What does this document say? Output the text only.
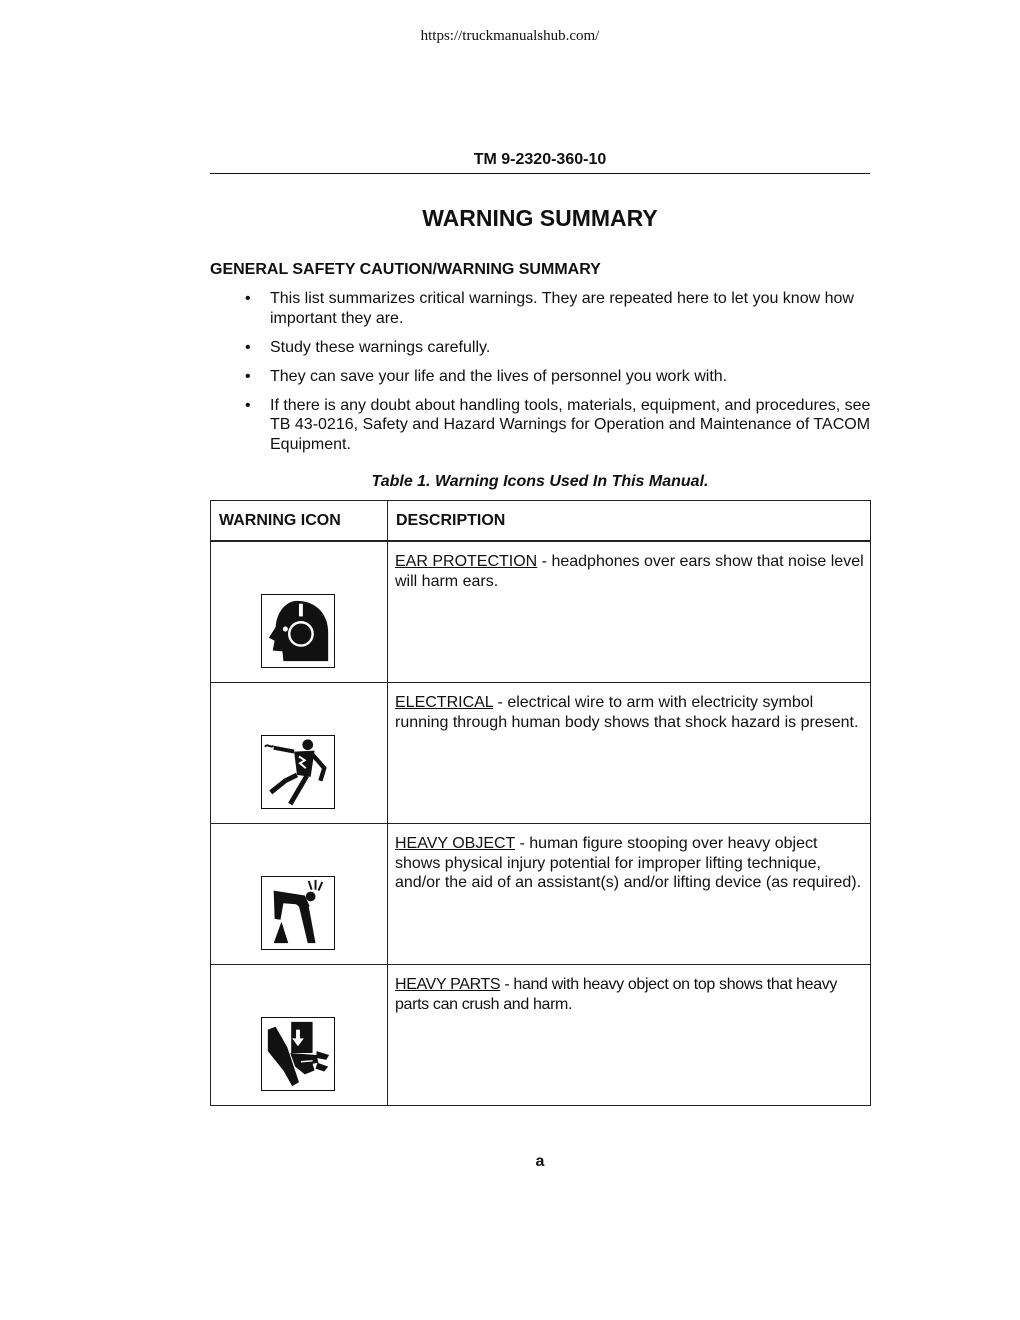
https://truckmanualshub.com/
TM 9-2320-360-10
WARNING SUMMARY
GENERAL SAFETY CAUTION/WARNING SUMMARY
• This list summarizes critical warnings. They are repeated here to let you know how important they are.
• Study these warnings carefully.
• They can save your life and the lives of personnel you work with.
• If there is any doubt about handling tools, materials, equipment, and procedures, see TB 43-0216, Safety and Hazard Warnings for Operation and Maintenance of TACOM Equipment.
Table 1. Warning Icons Used In This Manual.
WARNING ICON	DESCRIPTION

	EAR PROTECTION - headphones over ears show that noise level will harm ears.

	ELECTRICAL - electrical wire to arm with electricity symbol running through human body shows that shock hazard is present.

	HEAVY OBJECT - human figure stooping over heavy object shows physical injury potential for improper lifting technique, and/or the aid of an assistant(s) and/or lifting device (as required).

	HEAVY PARTS - hand with heavy object on top shows that heavy parts can crush and harm.
a
